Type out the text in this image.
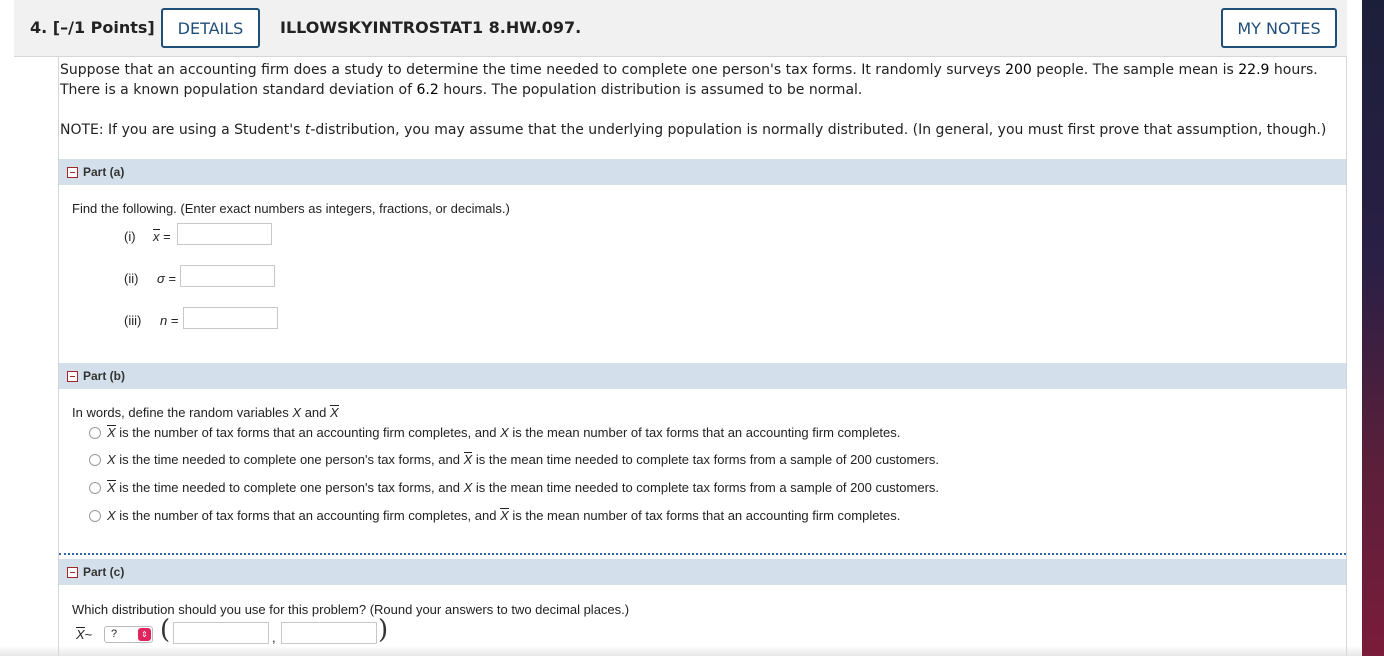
4. [–/1 Points]	DETAILS	ILLOWSKYINTROSTAT1 8.HW.097.	MY NOTES
Suppose that an accounting firm does a study to determine the time needed to complete one person's tax forms. It randomly surveys 200 people. The sample mean is 22.9 hours. There is a known population standard deviation of 6.2 hours. The population distribution is assumed to be normal.
NOTE: If you are using a Student's t-distribution, you may assume that the underlying population is normally distributed. (In general, you must first prove that assumption, though.)
Part (a)
Find the following. (Enter exact numbers as integers, fractions, or decimals.)
(i) x =
(ii) σ =
(iii) n =
Part (b)
In words, define the random variables X and X
X is the number of tax forms that an accounting firm completes, and X is the mean number of tax forms that an accounting firm completes.
X is the time needed to complete one person's tax forms, and X is the mean time needed to complete tax forms from a sample of 200 customers.
X is the time needed to complete one person's tax forms, and X is the mean time needed to complete tax forms from a sample of 200 customers.
X is the number of tax forms that an accounting firm completes, and X is the mean number of tax forms that an accounting firm completes.
Part (c)
Which distribution should you use for this problem? (Round your answers to two decimal places.)
X~	?	⇕ (	,	)
